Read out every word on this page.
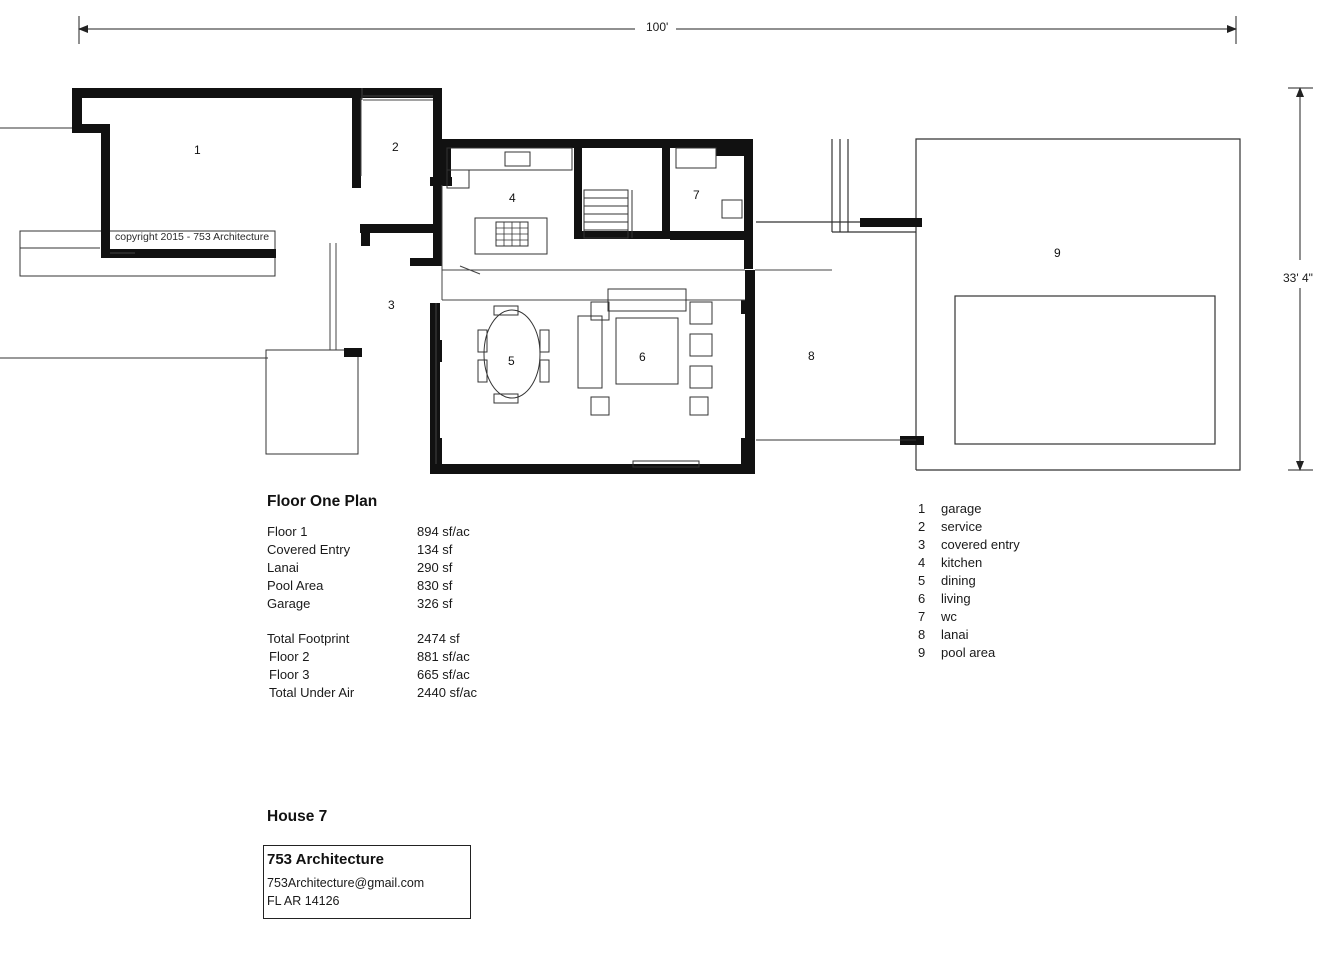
100'
33' 4"
copyright 2015 - 753 Architecture
1	2
3
4
5	6
7
8
9
Floor One Plan
Floor 1	894 sf/ac
Covered Entry	134 sf
Lanai	290 sf
Pool Area	830 sf
Garage	326 sf

Total Footprint	2474 sf
Floor 2	881 sf/ac
Floor 3	665 sf/ac
Total Under Air	2440 sf/ac
1	garage
2	service
3	covered entry
4	kitchen
5	dining
6	living
7	wc
8	lanai
9	pool area
House 7
753 Architecture
753Architecture@gmail.com
FL AR 14126
